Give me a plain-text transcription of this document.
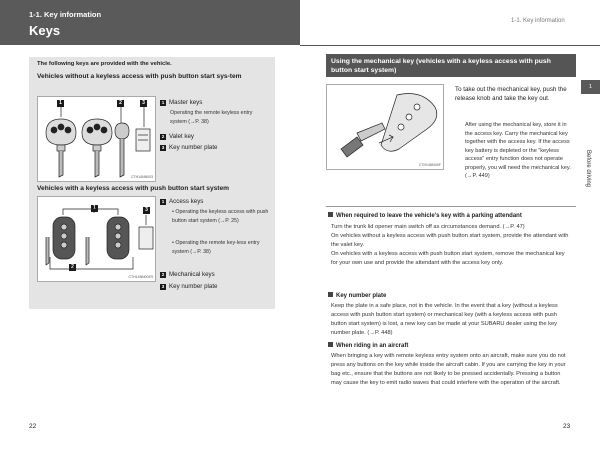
1-1. Key information
Keys
The following keys are provided with the vehicle.
Vehicles without a keyless access with push button start sys-tem
1	2	3
CTH14NN003
1 Master keys
Operating the remote keyless entry system (→P. 38)
2 Valet key
3 Key number plate
Vehicles with a keyless access with push button start system
1
2
3
CTH14NN001R
1 Access keys
• Operating the keyless access with push button start system (→P. 25)
• Operating the remote key-less entry system (→P. 38)
2 Mechanical keys
3 Key number plate
22
1-1. Key information
1
Before driving
Using the mechanical key (vehicles with a keyless access with push button start system)
CTH14NN00F
To take out the mechanical key, push the release knob and take the key out.
After using the mechanical key, store it in the access key. Carry the mechanical key together with the access key. If the access key battery is depleted or the “keyless access” entry function does not operate properly, you will need the mechanical key. (→P. 449)
When required to leave the vehicle’s key with a parking attendant
Turn the trunk lid opener main switch off as circumstances demand. (→P. 47)
On vehicles without a keyless access with push button start system, provide the attendant with the valet key.
On vehicles with a keyless access with push button start system, remove the mechanical key for your own use and provide the attendant with the access key only.
Key number plate
Keep the plate in a safe place, not in the vehicle. In the event that a key (without a keyless access with push button start system) or mechanical key (with a keyless access with push button start system) is lost, a new key can be made at your SUBARU dealer using the key number plate. (→P. 448)
When riding in an aircraft
When bringing a key with remote keyless entry system onto an aircraft, make sure you do not press any buttons on the key while inside the aircraft cabin. If you are carrying the key in your bag etc., ensure that the buttons are not likely to be pressed accidentally. Pressing a button may cause the key to emit radio waves that could interfere with the operation of the aircraft.
23
